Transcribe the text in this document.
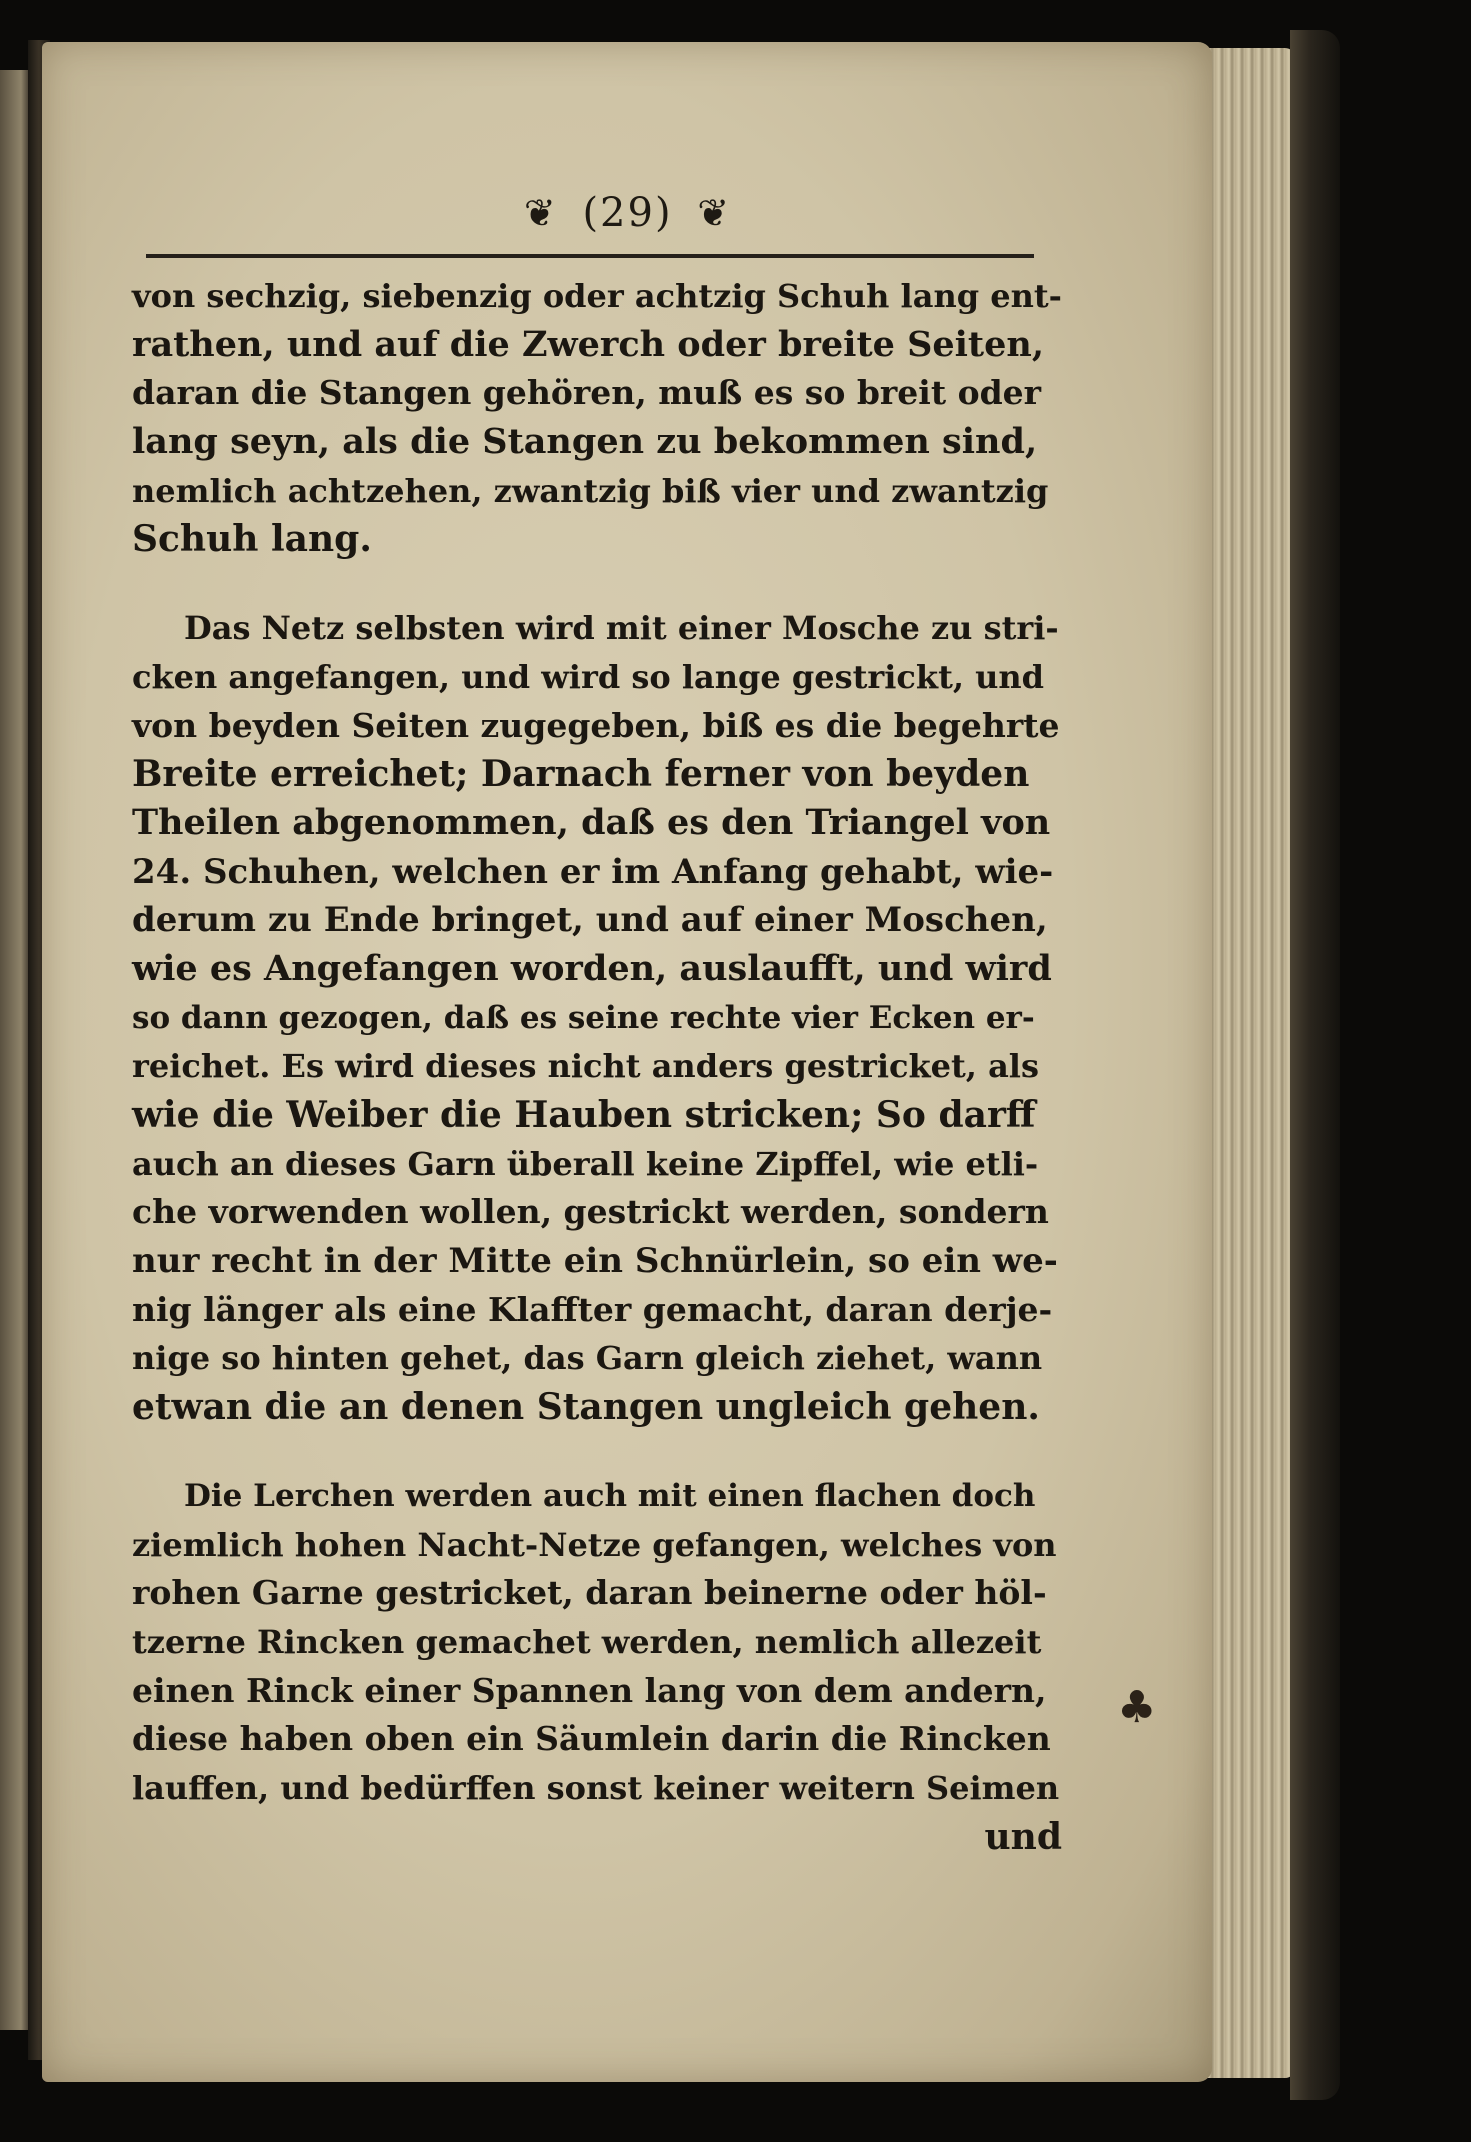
❦ (29) ❦
von sechzig, siebenzig oder achtzig Schuh lang ent-
rathen, und auf die Zwerch oder breite Seiten,
daran die Stangen gehören, muß es so breit oder
lang seyn, als die Stangen zu bekommen sind,
nemlich achtzehen, zwantzig biß vier und zwantzig
Schuh lang.
Das Netz selbsten wird mit einer Mosche zu stri-
cken angefangen, und wird so lange gestrickt, und
von beyden Seiten zugegeben, biß es die begehrte
Breite erreichet; Darnach ferner von beyden
Theilen abgenommen, daß es den Triangel von
24. Schuhen, welchen er im Anfang gehabt, wie-
derum zu Ende bringet, und auf einer Moschen,
wie es Angefangen worden, auslaufft, und wird
so dann gezogen, daß es seine rechte vier Ecken er-
reichet. Es wird dieses nicht anders gestricket, als
wie die Weiber die Hauben stricken; So darff
auch an dieses Garn überall keine Zipffel, wie etli-
che vorwenden wollen, gestrickt werden, sondern
nur recht in der Mitte ein Schnürlein, so ein we-
nig länger als eine Klaffter gemacht, daran derje-
nige so hinten gehet, das Garn gleich ziehet, wann
etwan die an denen Stangen ungleich gehen.
Die Lerchen werden auch mit einen flachen doch
ziemlich hohen Nacht-Netze gefangen, welches von
rohen Garne gestricket, daran beinerne oder höl-
tzerne Rincken gemachet werden, nemlich allezeit
einen Rinck einer Spannen lang von dem andern,
diese haben oben ein Säumlein darin die Rincken
lauffen, und bedürffen sonst keiner weitern Seimen
und
♣
